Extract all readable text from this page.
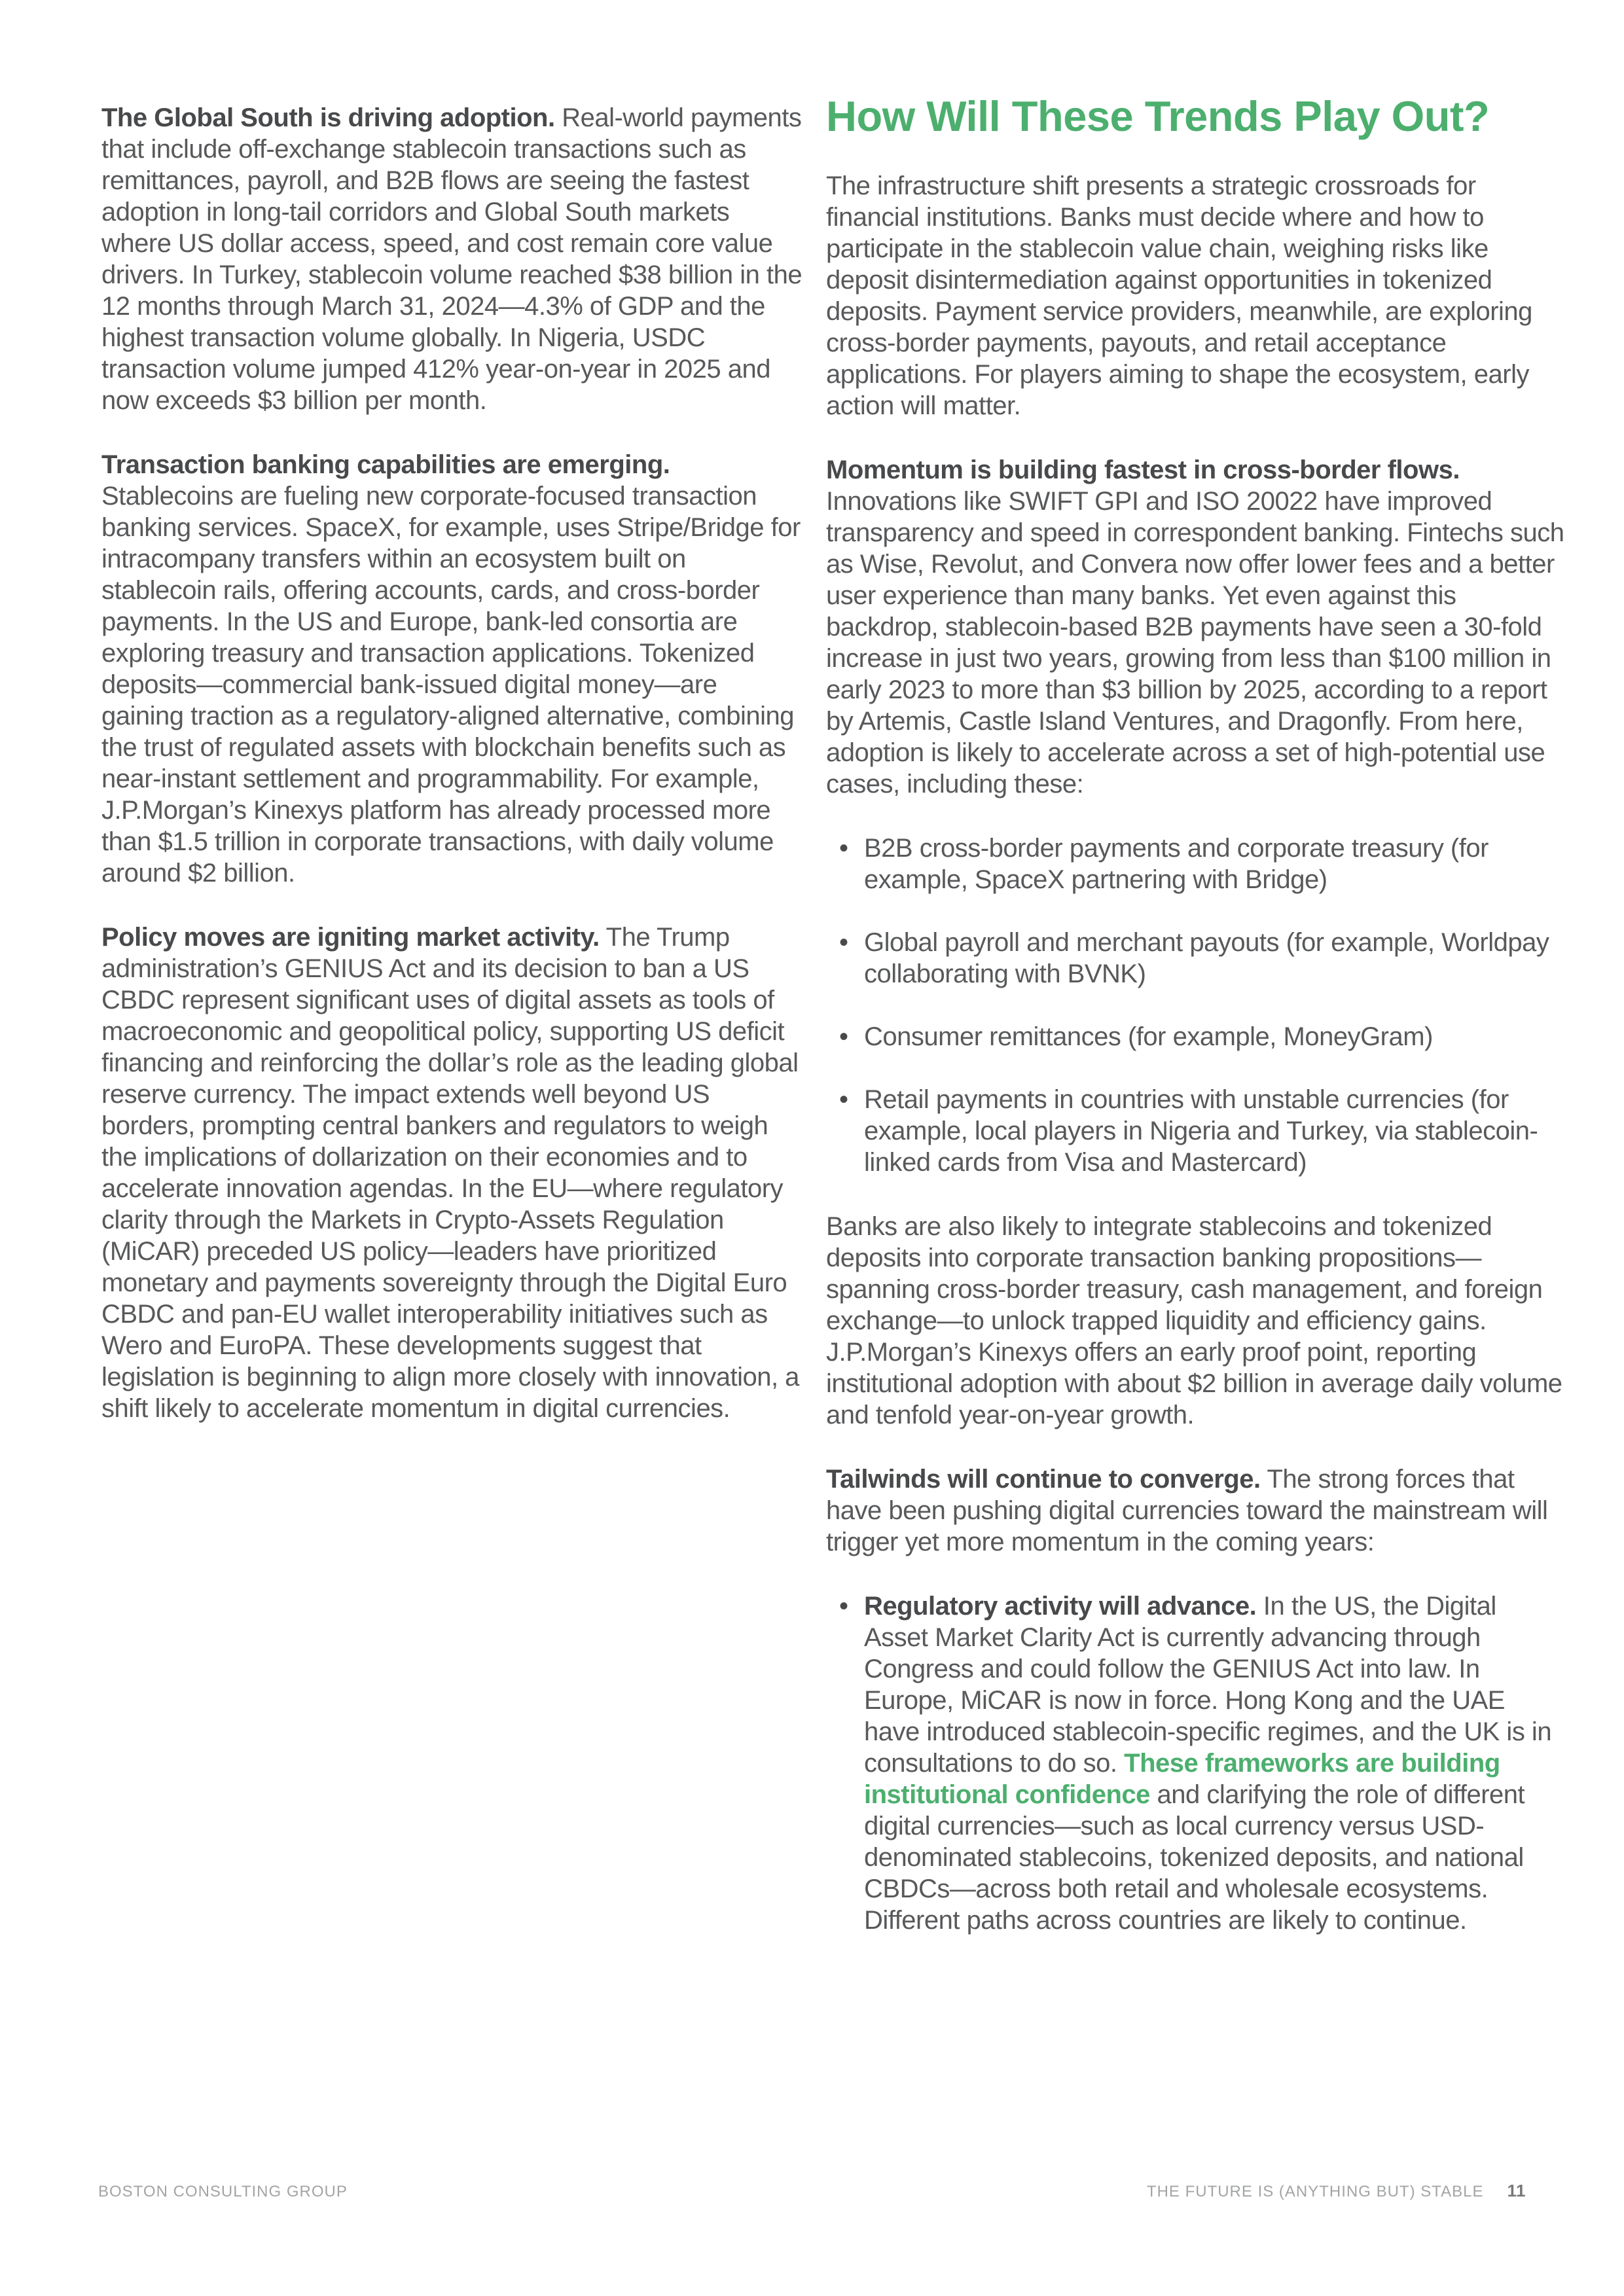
The Global South is driving adoption. Real-world payments that include off-exchange stablecoin transactions such as remittances, payroll, and B2B flows are seeing the fastest adoption in long-tail corridors and Global South markets where US dollar access, speed, and cost remain core value drivers. In Turkey, stablecoin volume reached $38 billion in the 12 months through March 31, 2024—4.3% of GDP and the highest transaction volume globally. In Nigeria, USDC transaction volume jumped 412% year-on-year in 2025 and now exceeds $3 billion per month.

Transaction banking capabilities are emerging. Stablecoins are fueling new corporate-focused transaction banking services. SpaceX, for example, uses Stripe/Bridge for intracompany transfers within an ecosystem built on stablecoin rails, offering accounts, cards, and cross-border payments. In the US and Europe, bank-led consortia are exploring treasury and transaction applications. Tokenized deposits—commercial bank-issued digital money—are gaining traction as a regulatory-aligned alternative, combining the trust of regulated assets with blockchain benefits such as near-instant settlement and programmability. For example, J.P.Morgan’s Kinexys platform has already processed more than $1.5 trillion in corporate transactions, with daily volume around $2 billion.

Policy moves are igniting market activity. The Trump administration’s GENIUS Act and its decision to ban a US CBDC represent significant uses of digital assets as tools of macroeconomic and geopolitical policy, supporting US deficit financing and reinforcing the dollar’s role as the leading global reserve currency. The impact extends well beyond US borders, prompting central bankers and regulators to weigh the implications of dollarization on their economies and to accelerate innovation agendas. In the EU—where regulatory clarity through the Markets in Crypto-Assets Regulation (MiCAR) preceded US policy—leaders have prioritized monetary and payments sovereignty through the Digital Euro CBDC and pan-EU wallet interoperability initiatives such as Wero and EuroPA. These developments suggest that legislation is beginning to align more closely with innovation, a shift likely to accelerate momentum in digital currencies.

How Will These Trends Play Out?

The infrastructure shift presents a strategic crossroads for financial institutions. Banks must decide where and how to participate in the stablecoin value chain, weighing risks like deposit disintermediation against opportunities in tokenized deposits. Payment service providers, meanwhile, are exploring cross-border payments, payouts, and retail acceptance applications. For players aiming to shape the ecosystem, early action will matter.

Momentum is building fastest in cross-border flows. Innovations like SWIFT GPI and ISO 20022 have improved transparency and speed in correspondent banking. Fintechs such as Wise, Revolut, and Convera now offer lower fees and a better user experience than many banks. Yet even against this backdrop, stablecoin-based B2B payments have seen a 30-fold increase in just two years, growing from less than $100 million in early 2023 to more than $3 billion by 2025, according to a report by Artemis, Castle Island Ventures, and Dragonfly. From here, adoption is likely to accelerate across a set of high-potential use cases, including these:

• B2B cross-border payments and corporate treasury (for example, SpaceX partnering with Bridge)
• Global payroll and merchant payouts (for example, Worldpay collaborating with BVNK)
• Consumer remittances (for example, MoneyGram)
• Retail payments in countries with unstable currencies (for example, local players in Nigeria and Turkey, via stablecoin-linked cards from Visa and Mastercard)

Banks are also likely to integrate stablecoins and tokenized deposits into corporate transaction banking propositions—spanning cross-border treasury, cash management, and foreign exchange—to unlock trapped liquidity and efficiency gains. J.P.Morgan’s Kinexys offers an early proof point, reporting institutional adoption with about $2 billion in average daily volume and tenfold year-on-year growth.

Tailwinds will continue to converge. The strong forces that have been pushing digital currencies toward the mainstream will trigger yet more momentum in the coming years:

• Regulatory activity will advance. In the US, the Digital Asset Market Clarity Act is currently advancing through Congress and could follow the GENIUS Act into law. In Europe, MiCAR is now in force. Hong Kong and the UAE have introduced stablecoin-specific regimes, and the UK is in consultations to do so. These frameworks are building institutional confidence and clarifying the role of different digital currencies—such as local currency versus USD-denominated stablecoins, tokenized deposits, and national CBDCs—across both retail and wholesale ecosystems. Different paths across countries are likely to continue.
BOSTON CONSULTING GROUP	THE FUTURE IS (ANYTHING BUT) STABLE 11
